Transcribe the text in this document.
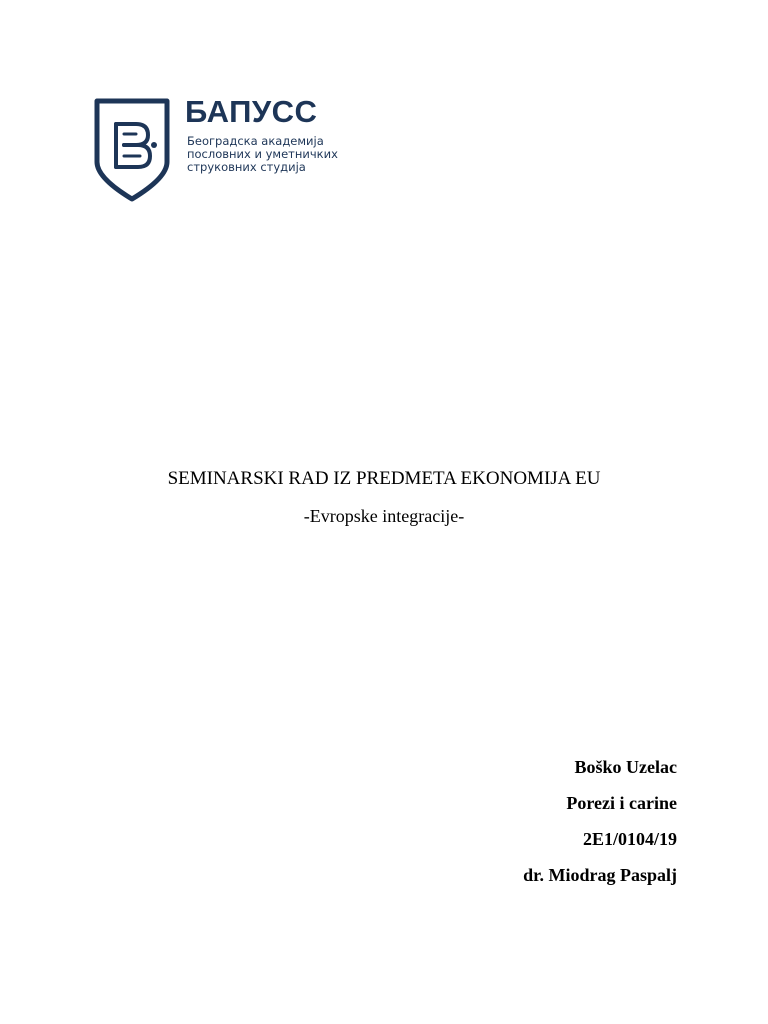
БАПУСС
Београдска академија
пословних и уметничких
струковних студија
SEMINARSKI RAD IZ PREDMETA EKONOMIJA EU
-Evropske integracije-
Boško Uzelac
Porezi i carine
2E1/0104/19
dr. Miodrag Paspalj
